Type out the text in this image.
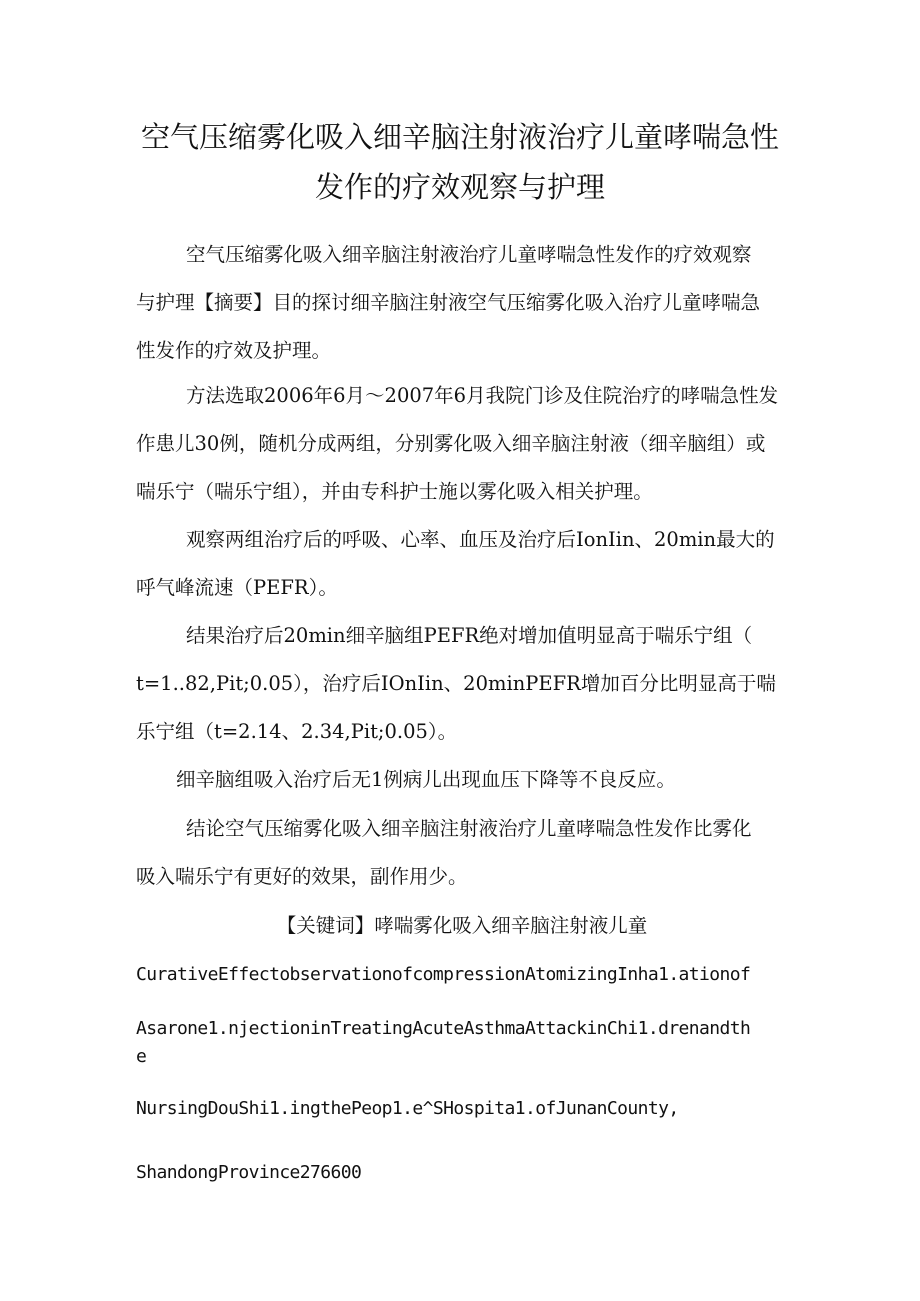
空气压缩雾化吸入细辛脑注射液治疗儿童哮喘急性
发作的疗效观察与护理

空气压缩雾化吸入细辛脑注射液治疗儿童哮喘急性发作的疗效观察
与护理【摘要】目的探讨细辛脑注射液空气压缩雾化吸入治疗儿童哮喘急
性发作的疗效及护理。

方法选取2006年6月～2007年6月我院门诊及住院治疗的哮喘急性发
作患儿30例，随机分成两组，分别雾化吸入细辛脑注射液（细辛脑组）或
喘乐宁（喘乐宁组），并由专科护士施以雾化吸入相关护理。

观察两组治疗后的呼吸、心率、血压及治疗后IonIin、20min最大的
呼气峰流速（PEFR）。

结果治疗后20min细辛脑组PEFR绝对增加值明显高于喘乐宁组（
t=1..82,Pit;0.05），治疗后IOnIin、20minPEFR增加百分比明显高于喘
乐宁组（t=2.14、2.34,Pit;0.05）。

细辛脑组吸入治疗后无1例病儿出现血压下降等不良反应。

结论空气压缩雾化吸入细辛脑注射液治疗儿童哮喘急性发作比雾化
吸入喘乐宁有更好的效果，副作用少。

【关键词】哮喘雾化吸入细辛脑注射液儿童

CurativeEffectobservationofcompressionAtomizingInha1.ationof

Asarone1.njectioninTreatingAcuteAsthmaAttackinChi1.drenandth

e

NursingDouShi1.ingthePeop1.e^SHospita1.ofJunanCounty,

ShandongProvince276600
